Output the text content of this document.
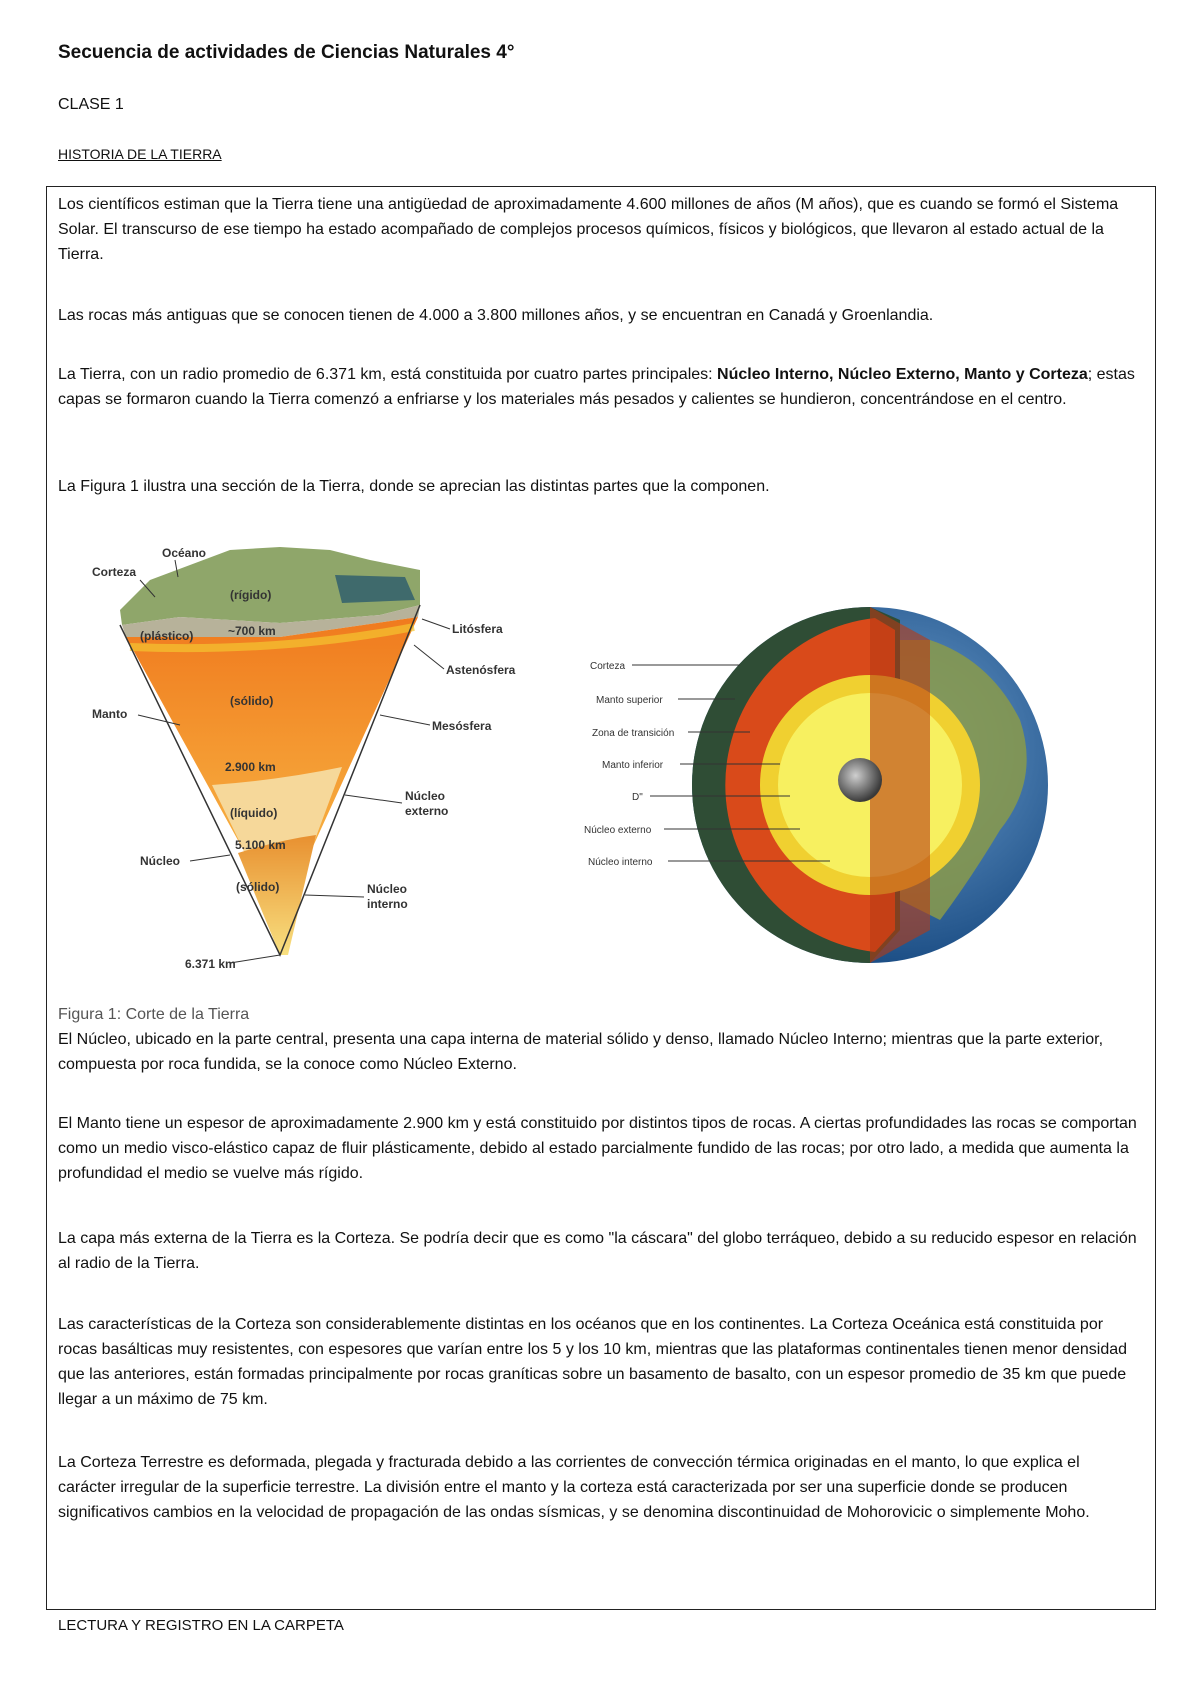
Secuencia de actividades de Ciencias Naturales 4°
CLASE 1
HISTORIA DE LA TIERRA

Los científicos estiman que la Tierra tiene una antigüedad de aproximadamente 4.600 millones de años (M años), que es cuando se formó el Sistema Solar. El transcurso de ese tiempo ha estado acompañado de complejos procesos químicos, físicos y biológicos, que llevaron al estado actual de la Tierra.

Las rocas más antiguas que se conocen tienen de 4.000 a 3.800 millones años, y se encuentran en Canadá y Groenlandia.

La Tierra, con un radio promedio de 6.371 km, está constituida por cuatro partes principales: Núcleo Interno, Núcleo Externo, Manto y Corteza; estas capas se formaron cuando la Tierra comenzó a enfriarse y los materiales más pesados y calientes se hundieron, concentrándose en el centro.

La Figura 1 ilustra una sección de la Tierra, donde se aprecian las distintas partes que la componen.

Océano
Corteza
(rígido)
(plástico)	~700 km	Litósfera
Astenósfera
(sólido)
Manto
Mesósfera
2.900 km
Núcleo
externo
(líquido)
5.100 km
Núcleo
(sólido)	Núcleo
interno
6.371 km
Corteza
Manto superior
Zona de transición
Manto inferior
D"
Núcleo externo
Núcleo interno

Figura 1: Corte de la Tierra

El Núcleo, ubicado en la parte central, presenta una capa interna de material sólido y denso, llamado Núcleo Interno; mientras que la parte exterior, compuesta por roca fundida, se la conoce como Núcleo Externo.

El Manto tiene un espesor de aproximadamente 2.900 km y está constituido por distintos tipos de rocas. A ciertas profundidades las rocas se comportan como un medio visco-elástico capaz de fluir plásticamente, debido al estado parcialmente fundido de las rocas; por otro lado, a medida que aumenta la profundidad el medio se vuelve más rígido.

La capa más externa de la Tierra es la Corteza. Se podría decir que es como "la cáscara" del globo terráqueo, debido a su reducido espesor en relación al radio de la Tierra.

Las características de la Corteza son considerablemente distintas en los océanos que en los continentes. La Corteza Oceánica está constituida por rocas basálticas muy resistentes, con espesores que varían entre los 5 y los 10 km, mientras que las plataformas continentales tienen menor densidad que las anteriores, están formadas principalmente por rocas graníticas sobre un basamento de basalto, con un espesor promedio de 35 km que puede llegar a un máximo de 75 km.

La Corteza Terrestre es deformada, plegada y fracturada debido a las corrientes de convección térmica originadas en el manto, lo que explica el carácter irregular de la superficie terrestre. La división entre el manto y la corteza está caracterizada por ser una superficie donde se producen significativos cambios en la velocidad de propagación de las ondas sísmicas, y se denomina discontinuidad de Mohorovicic o simplemente Moho.

LECTURA Y REGISTRO EN LA CARPETA
